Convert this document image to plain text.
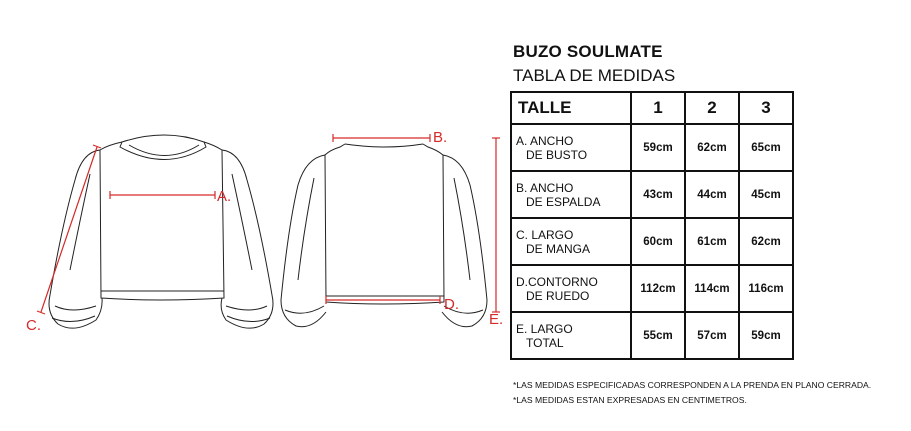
A.
B.
C.
D.
E.
BUZO SOULMATE
TABLA DE MEDIDAS
TALLE	1	2	3

A. ANCHO
DE BUSTO	59cm	62cm	65cm

B. ANCHO
DE ESPALDA	43cm	44cm	45cm

C. LARGO
DE MANGA	60cm	61cm	62cm

D.CONTORNO
DE RUEDO	112cm	114cm	116cm

E. LARGO
TOTAL	55cm	57cm	59cm
*LAS MEDIDAS ESPECIFICADAS CORRESPONDEN A LA PRENDA EN PLANO CERRADA.
*LAS MEDIDAS ESTAN EXPRESADAS EN CENTIMETROS.
